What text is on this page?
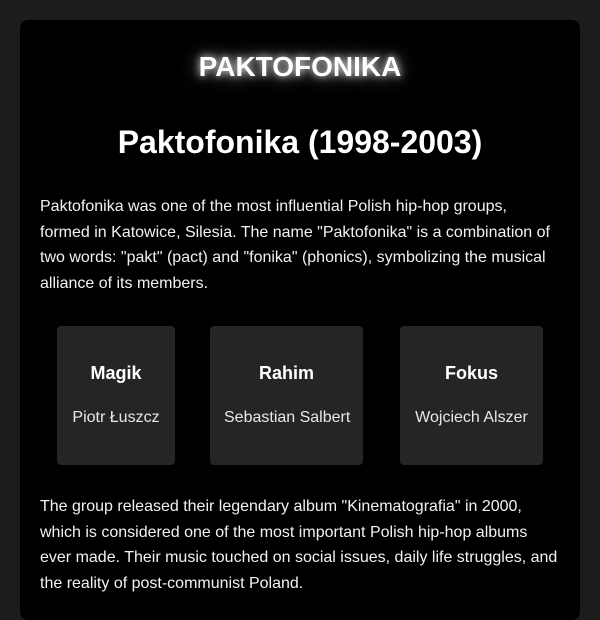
PAKTOFONIKA
Paktofonika (1998-2003)

Paktofonika was one of the most influential Polish hip-hop groups, formed in Katowice, Silesia. The name "Paktofonika" is a combination of two words: "pakt" (pact) and "fonika" (phonics), symbolizing the musical alliance of its members.

Magik
Piotr Łuszcz
Rahim
Sebastian Salbert
Fokus
Wojciech Alszer

The group released their legendary album "Kinematografia" in 2000, which is considered one of the most important Polish hip-hop albums ever made. Their music touched on social issues, daily life struggles, and the reality of post-communist Poland.
